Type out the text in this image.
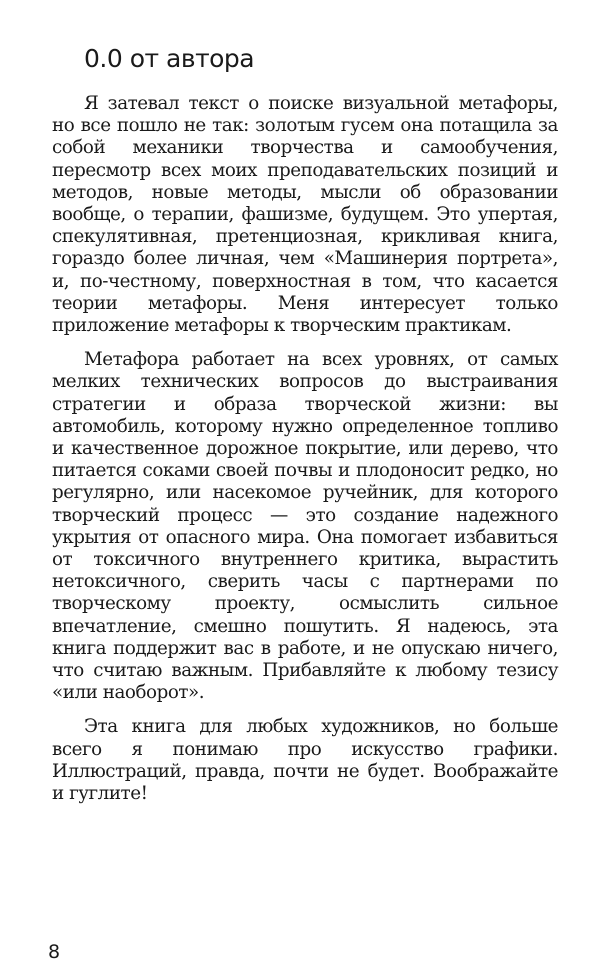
0.0 от автора

Я затевал текст о поиске визуальной метафоры, но все пошло не так: золотым гусем она потащила за собой механики творчества и самообучения, пересмотр всех моих преподавательских позиций и методов, новые методы, мысли об образовании вообще, о терапии, фашизме, будущем. Это упертая, спекулятивная, претенциозная, крикливая книга, гораздо более личная, чем «Машинерия портрета», и, по-честному, поверхностная в том, что касается теории метафоры. Меня интересует только приложение метафоры к творческим практикам.

Метафора работает на всех уровнях, от самых мелких технических вопросов до выстраивания стратегии и образа творческой жизни: вы автомобиль, которому нужно определенное топливо и качественное дорожное покрытие, или дерево, что питается соками своей почвы и плодоносит редко, но регулярно, или насекомое ручейник, для которого творческий процесс — это создание надежного укрытия от опасного мира. Она помогает избавиться от токсичного внутреннего критика, вырастить нетоксичного, сверить часы с партнерами по творческому проекту, осмыслить сильное впечатление, смешно пошутить. Я надеюсь, эта книга поддержит вас в работе, и не опускаю ничего, что считаю важным. Прибавляйте к любому тезису «или наоборот».

Эта книга для любых художников, но больше всего я понимаю про искусство графики. Иллюстраций, правда, почти не будет. Воображайте и гуглите!

8
